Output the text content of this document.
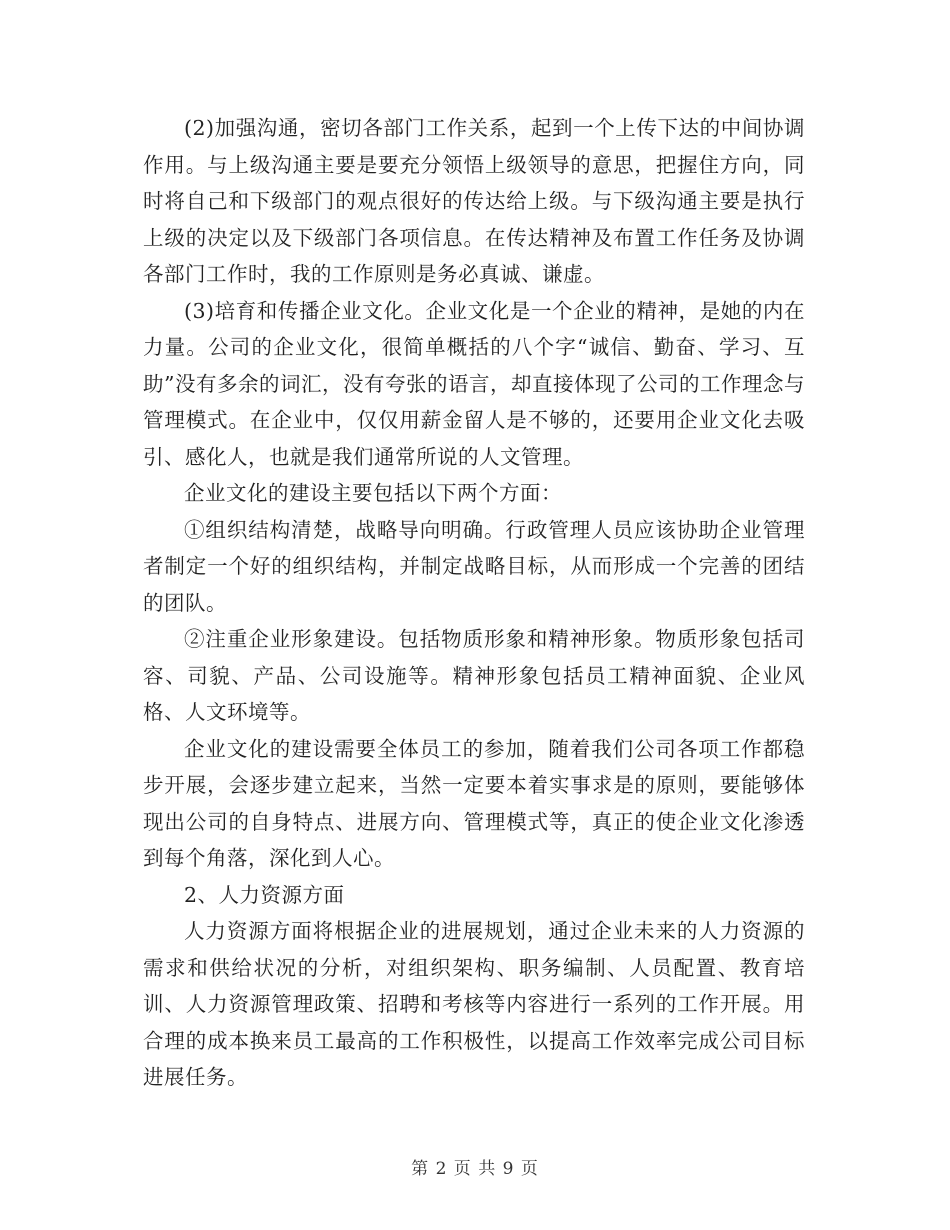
(2)加强沟通，密切各部门工作关系，起到一个上传下达的中间协调作用。与上级沟通主要是要充分领悟上级领导的意思，把握住方向，同时将自己和下级部门的观点很好的传达给上级。与下级沟通主要是执行上级的决定以及下级部门各项信息。在传达精神及布置工作任务及协调各部门工作时，我的工作原则是务必真诚、谦虚。

(3)培育和传播企业文化。企业文化是一个企业的精神，是她的内在力量。公司的企业文化，很简单概括的八个字“诚信、勤奋、学习、互助”没有多余的词汇，没有夸张的语言，却直接体现了公司的工作理念与管理模式。在企业中，仅仅用薪金留人是不够的，还要用企业文化去吸引、感化人，也就是我们通常所说的人文管理。

企业文化的建设主要包括以下两个方面：

①组织结构清楚，战略导向明确。行政管理人员应该协助企业管理者制定一个好的组织结构，并制定战略目标，从而形成一个完善的团结的团队。

②注重企业形象建设。包括物质形象和精神形象。物质形象包括司容、司貌、产品、公司设施等。精神形象包括员工精神面貌、企业风格、人文环境等。

企业文化的建设需要全体员工的参加，随着我们公司各项工作都稳步开展，会逐步建立起来，当然一定要本着实事求是的原则，要能够体现出公司的自身特点、进展方向、管理模式等，真正的使企业文化渗透到每个角落，深化到人心。

2、人力资源方面

人力资源方面将根据企业的进展规划，通过企业未来的人力资源的需求和供给状况的分析，对组织架构、职务编制、人员配置、教育培训、人力资源管理政策、招聘和考核等内容进行一系列的工作开展。用合理的成本换来员工最高的工作积极性，以提高工作效率完成公司目标进展任务。

第 2 页 共 9 页
